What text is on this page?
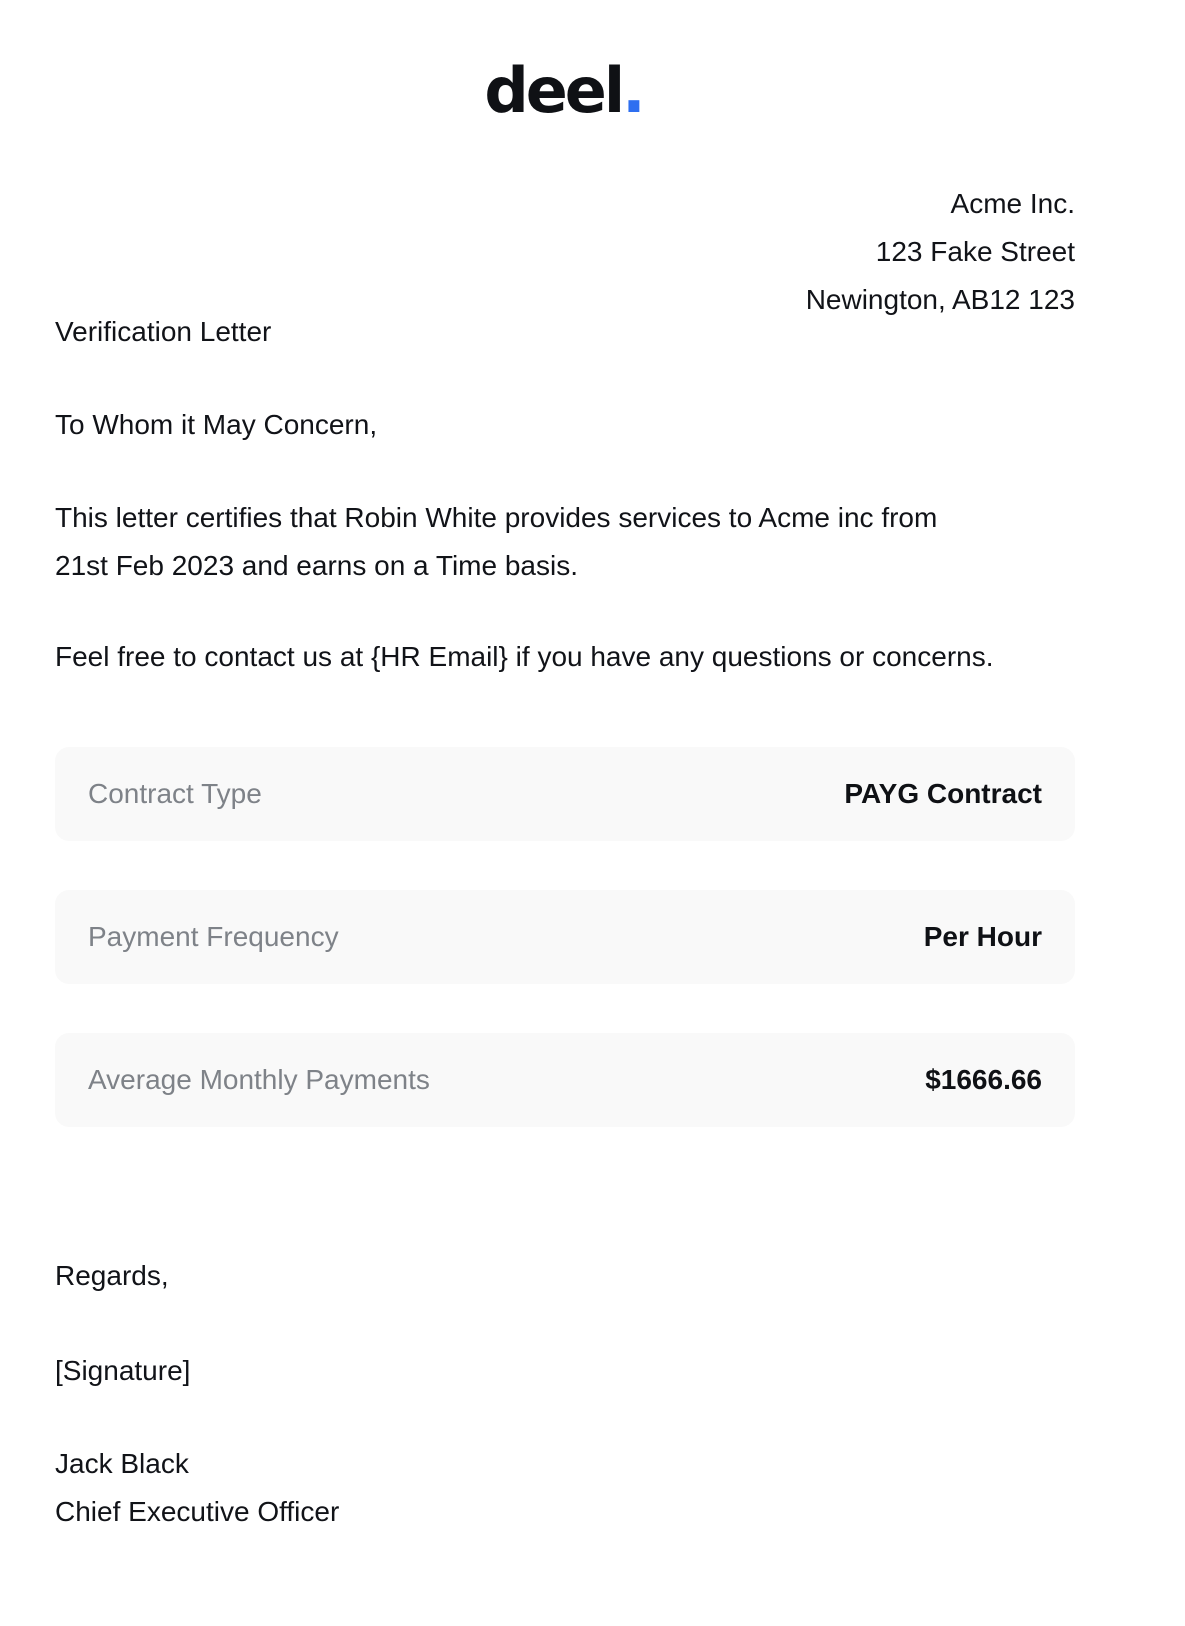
deel.
Acme Inc.
123 Fake Street
Newington, AB12 123
Verification Letter
To Whom it May Concern,
This letter certifies that Robin White provides services to Acme inc from
21st Feb 2023 and earns on a Time basis.
Feel free to contact us at {HR Email} if you have any questions or concerns.
Contract Type	PAYG Contract
Payment Frequency	Per Hour
Average Monthly Payments	$1666.66
Regards,
[Signature]
Jack Black
Chief Executive Officer
